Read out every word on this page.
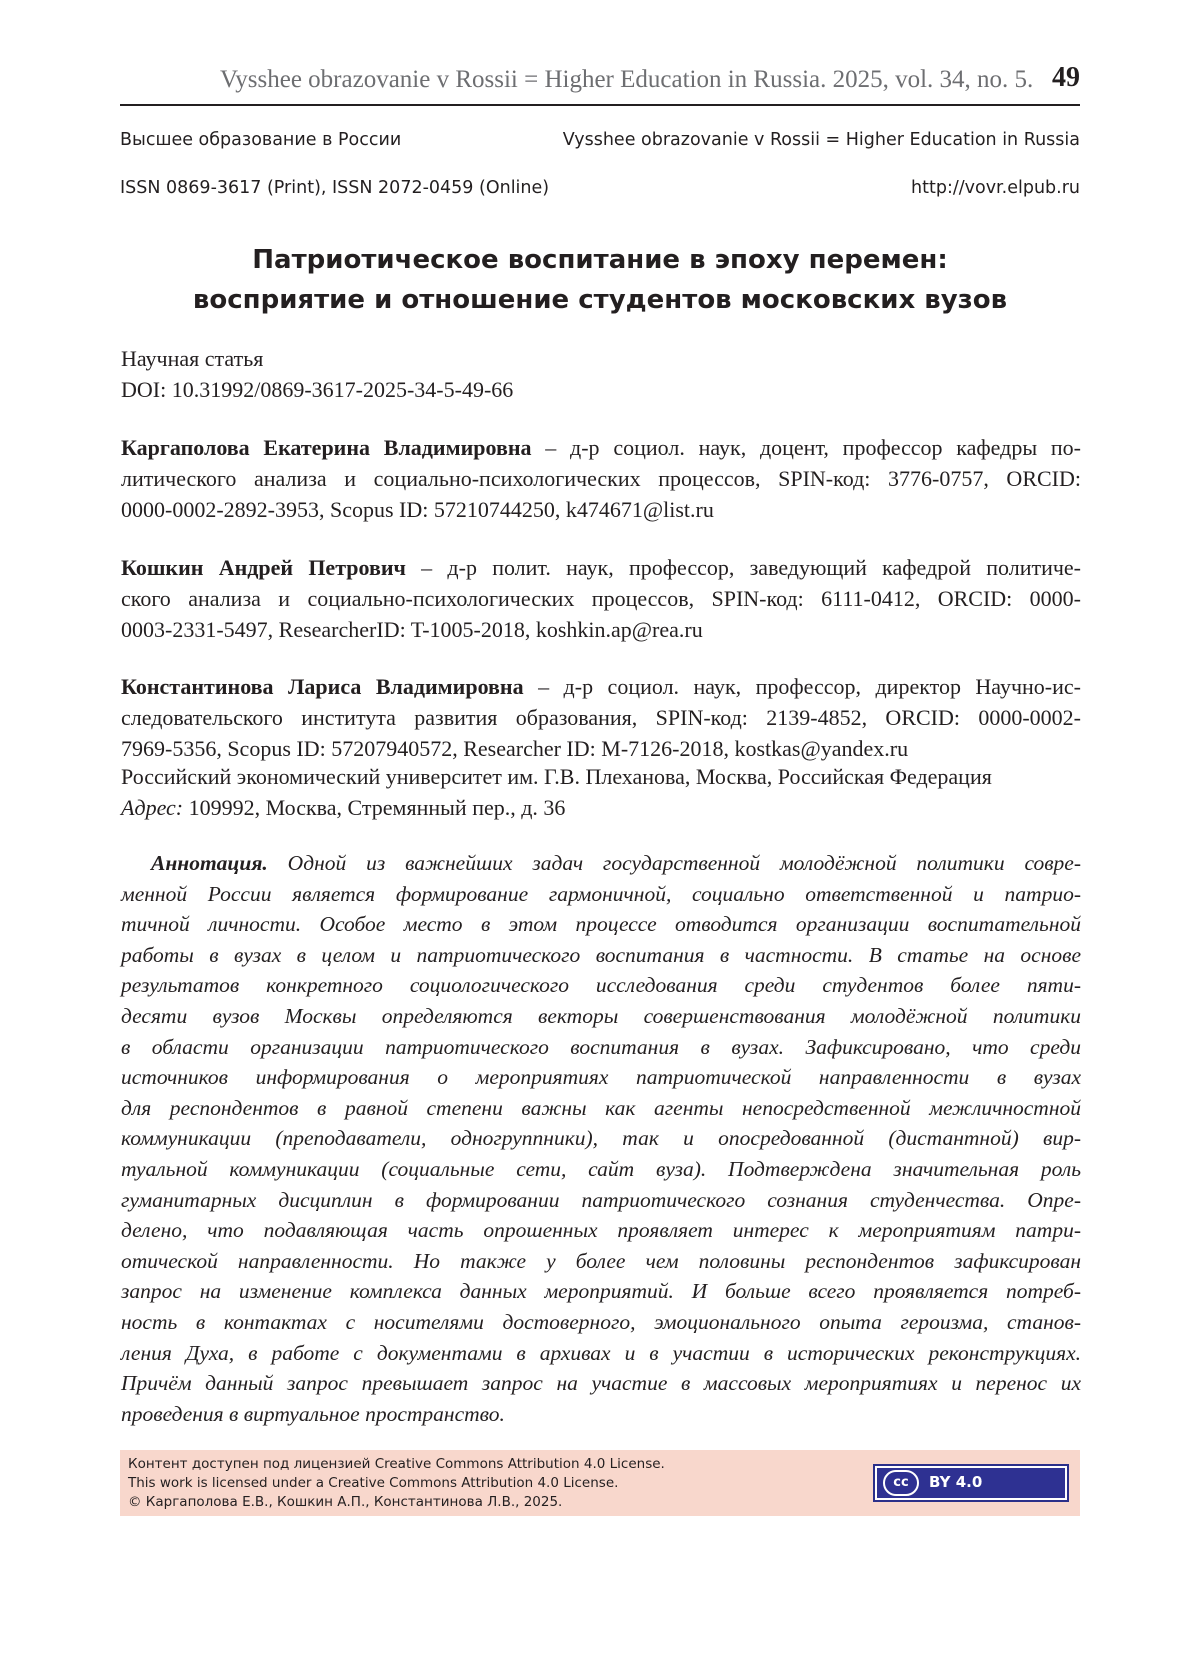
Vysshee obrazovanie v Rossii = Higher Education in Russia. 2025, vol. 34, no. 5. 49
Высшее образование в России	Vysshee obrazovanie v Rossii = Higher Education in Russia
ISSN 0869-3617 (Print), ISSN 2072-0459 (Online)	http://vovr.elpub.ru
Патриотическое воспитание в эпоху перемен:
восприятие и отношение студентов московских вузов
Научная статья
DOI: 10.31992/0869-3617-2025-34-5-49-66
Каргаполова Екатерина Владимировна – д-р социол. наук, доцент, профессор кафедры по-
литического анализа и социально-психологических процессов, SPIN-код: 3776-0757, ORCID:
0000-0002-2892-3953, Scopus ID: 57210744250, k474671@list.ru
Кошкин Андрей Петрович – д-р полит. наук, профессор, заведующий кафедрой политиче-
ского анализа и социально-психологических процессов, SPIN-код: 6111-0412, ORCID: 0000-
0003-2331-5497, ResearcherID: T-1005-2018, koshkin.ap@rea.ru
Константинова Лариса Владимировна – д-р социол. наук, профессор, директор Научно-ис-
следовательского института развития образования, SPIN-код: 2139-4852, ORCID: 0000-0002-
7969-5356, Scopus ID: 57207940572, Researcher ID: M-7126-2018, kostkas@yandex.ru
Российский экономический университет им. Г.В. Плеханова, Москва, Российская Федерация
Адрес: 109992, Москва, Стремянный пер., д. 36
Аннотация. Одной из важнейших задач государственной молодёжной политики совре-
менной России является формирование гармоничной, социально ответственной и патрио-
тичной личности. Особое место в этом процессе отводится организации воспитательной
работы в вузах в целом и патриотического воспитания в частности. В статье на основе
результатов конкретного социологического исследования среди студентов более пяти-
десяти вузов Москвы определяются векторы совершенствования молодёжной политики
в области организации патриотического воспитания в вузах. Зафиксировано, что среди
источников информирования о мероприятиях патриотической направленности в вузах
для респондентов в равной степени важны как агенты непосредственной межличностной
коммуникации (преподаватели, одногруппники), так и опосредованной (дистантной) вир-
туальной коммуникации (социальные сети, сайт вуза). Подтверждена значительная роль
гуманитарных дисциплин в формировании патриотического сознания студенчества. Опре-
делено, что подавляющая часть опрошенных проявляет интерес к мероприятиям патри-
отической направленности. Но также у более чем половины респондентов зафиксирован
запрос на изменение комплекса данных мероприятий. И больше всего проявляется потреб-
ность в контактах с носителями достоверного, эмоционального опыта героизма, станов-
ления Духа, в работе с документами в архивах и в участии в исторических реконструкциях.
Причём данный запрос превышает запрос на участие в массовых мероприятиях и перенос их
проведения в виртуальное пространство.
Контент доступен под лицензией Creative Commons Attribution 4.0 License.
This work is licensed under a Creative Commons Attribution 4.0 License.
© Каргаполова Е.В., Кошкин А.П., Константинова Л.В., 2025.
cc	BY 4.0
